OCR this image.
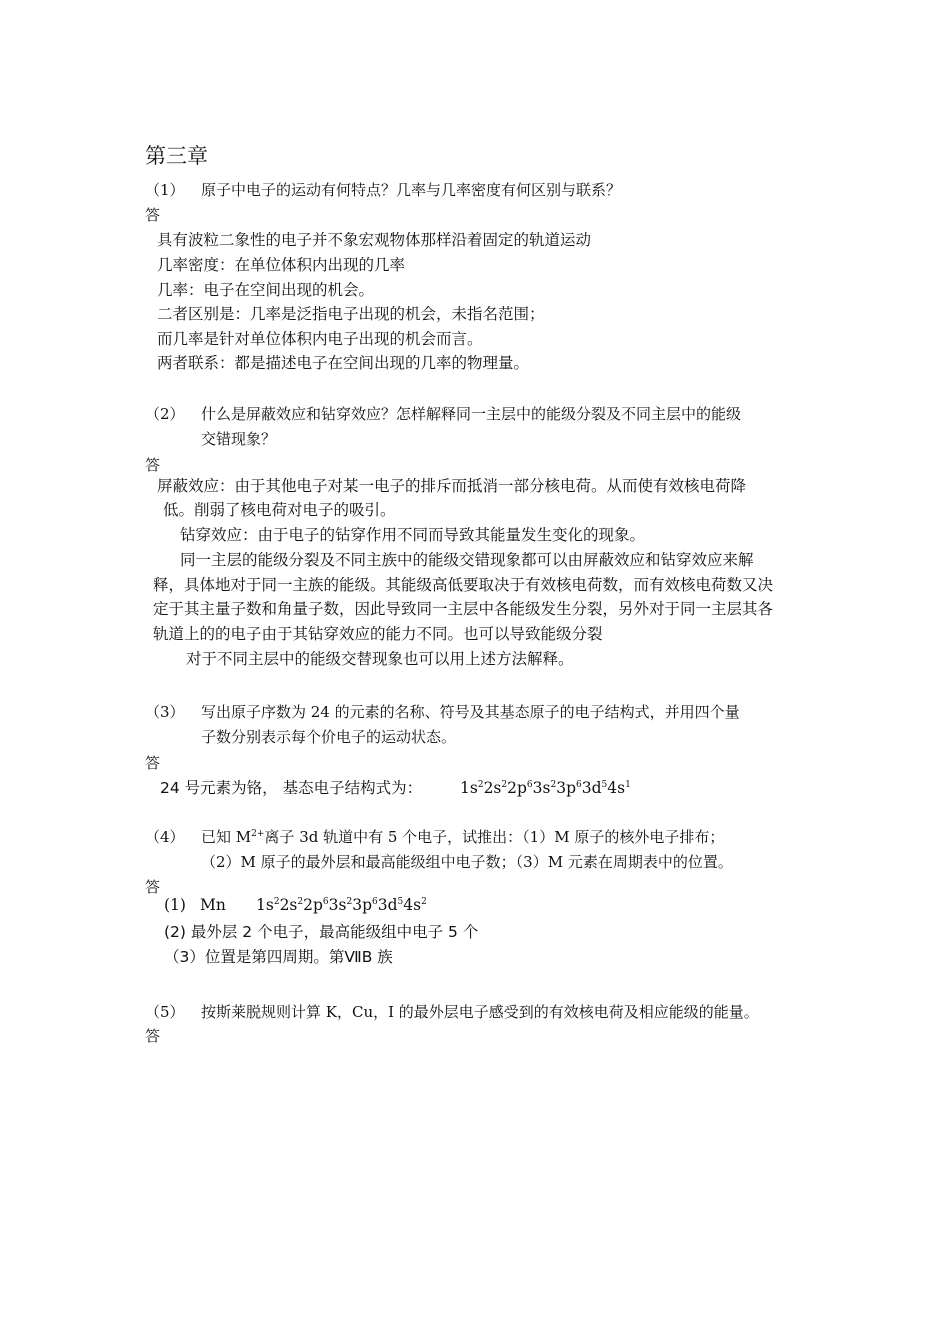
第三章
（1） 原子中电子的运动有何特点？几率与几率密度有何区别与联系？
答
具有波粒二象性的电子并不象宏观物体那样沿着固定的轨道运动
几率密度：在单位体积内出现的几率
几率：电子在空间出现的机会。
二者区别是：几率是泛指电子出现的机会，未指名范围；
而几率是针对单位体积内电子出现的机会而言。
两者联系：都是描述电子在空间出现的几率的物理量。
（2） 什么是屏蔽效应和钻穿效应？怎样解释同一主层中的能级分裂及不同主层中的能级
交错现象？
答
屏蔽效应：由于其他电子对某一电子的排斥而抵消一部分核电荷。从而使有效核电荷降
低。削弱了核电荷对电子的吸引。
钻穿效应：由于电子的钻穿作用不同而导致其能量发生变化的现象。
同一主层的能级分裂及不同主族中的能级交错现象都可以由屏蔽效应和钻穿效应来解
释，具体地对于同一主族的能级。其能级高低要取决于有效核电荷数，而有效核电荷数又决
定于其主量子数和角量子数，因此导致同一主层中各能级发生分裂，另外对于同一主层其各
轨道上的的电子由于其钻穿效应的能力不同。也可以导致能级分裂
对于不同主层中的能级交替现象也可以用上述方法解释。
（3） 写出原子序数为 24 的元素的名称、符号及其基态原子的电子结构式，并用四个量
子数分别表示每个价电子的运动状态。
答
24 号元素为铬， 基态电子结构式为： $1s^22s^22p^63s^23p^63d^54s^1$
（4） 已知 $M^{2+}$离子 3d 轨道中有 5 个电子，试推出：（1）M 原子的核外电子排布；
（2）M 原子的最外层和最高能级组中电子数；（3）M 元素在周期表中的位置。
答
(1) Mn $1s^22s^22p^63s^23p^63d^54s^2$
(2) 最外层 2 个电子，最高能级组中电子 5 个
（3）位置是第四周期。第ⅦB 族
（5） 按斯莱脱规则计算 K，Cu，I 的最外层电子感受到的有效核电荷及相应能级的能量。
答
